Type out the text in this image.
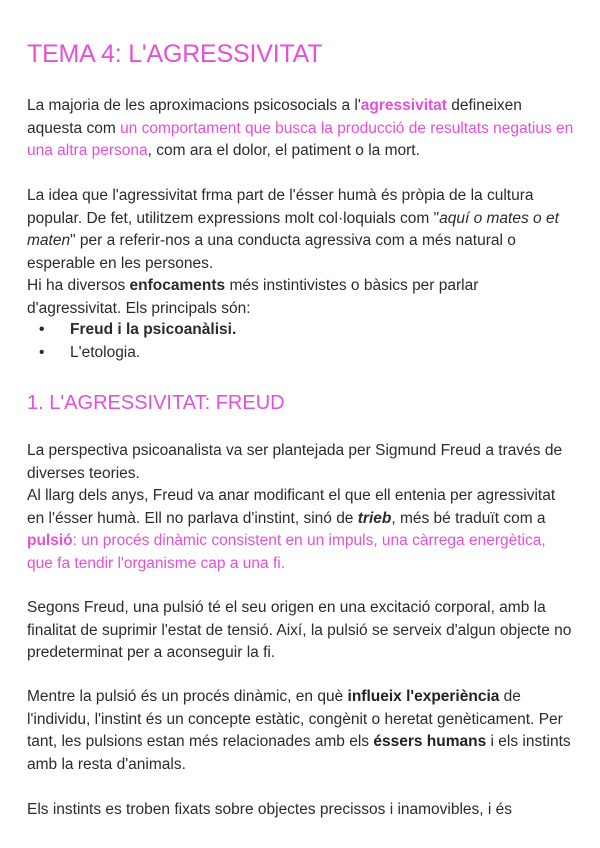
TEMA 4: L'AGRESSIVITAT

La majoria de les aproximacions psicosocials a l'agressivitat defineixen aquesta com un comportament que busca la producció de resultats negatius en una altra persona, com ara el dolor, el patiment o la mort.

La idea que l'agressivitat frma part de l'ésser humà és pròpia de la cultura popular. De fet, utilitzem expressions molt col·loquials com "aquí o mates o et maten" per a referir-nos a una conducta agressiva com a més natural o esperable en les persones.
Hi ha diversos enfocaments més instintivistes o bàsics per parlar d'agressivitat. Els principals són:

• Freud i la psicoanàlisi.
• L'etologia.
1. L'AGRESSIVITAT: FREUD

La perspectiva psicoanalista va ser plantejada per Sigmund Freud a través de diverses teories.
Al llarg dels anys, Freud va anar modificant el que ell entenia per agressivitat en l'ésser humà. Ell no parlava d'instint, sinó de trieb, més bé traduït com a pulsió: un procés dinàmic consistent en un impuls, una càrrega energètica, que fa tendir l'organisme cap a una fi.

Segons Freud, una pulsió té el seu origen en una excitació corporal, amb la finalitat de suprimir l'estat de tensió. Així, la pulsió se serveix d'algun objecte no predeterminat per a aconseguir la fi.

Mentre la pulsió és un procés dinàmic, en què influeix l'experiència de l'individu, l'instint és un concepte estàtic, congènit o heretat genèticament. Per tant, les pulsions estan més relacionades amb els éssers humans i els instints amb la resta d'animals.

Els instints es troben fixats sobre objectes precissos i inamovibles, i és
